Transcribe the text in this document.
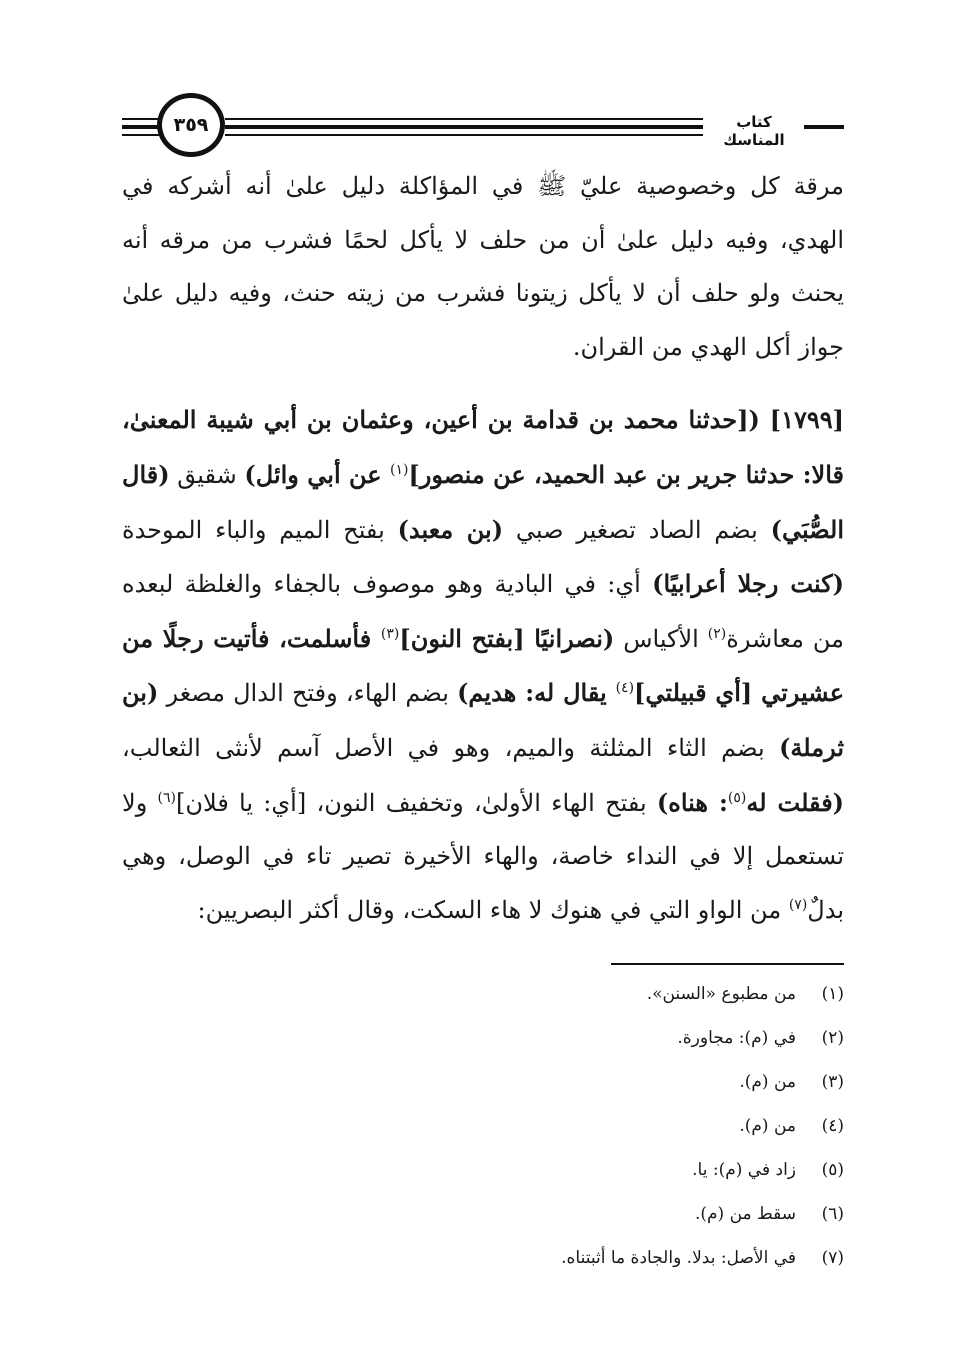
٣٥٩	كتاب المناسك

مرقة كل وخصوصية عليّ ﷺ في المؤاكلة دليل علىٰ أنه أشركه في الهدي، وفيه دليل علىٰ أن من حلف لا يأكل لحمًا فشرب من مرقه أنه يحنث ولو حلف أن لا يأكل زيتونا فشرب من زيته حنث، وفيه دليل علىٰ جواز أكل الهدي من القران.

[١٧٩٩] ([حدثنا محمد بن قدامة بن أعين، وعثمان بن أبي شيبة المعنىٰ، قالا: حدثنا جرير بن عبد الحميد، عن منصور]$^{(١)}$ عن أبي وائل) شقيق (قال الصُّبَي) بضم الصاد تصغير صبي (بن معبد) بفتح الميم والباء الموحدة (كنت رجلا أعرابيًا) أي: في البادية وهو موصوف بالجفاء والغلظة لبعده من معاشرة$^{(٢)}$ الأكياس (نصرانيًا [بفتح النون]$^{(٣)}$ فأسلمت، فأتيت رجلًا من عشيرتي [أي قبيلتي]$^{(٤)}$ يقال له: هديم) بضم الهاء، وفتح الدال مصغر (بن ثرملة) بضم الثاء المثلثة والميم، وهو في الأصل آسم لأنثى الثعالب، (فقلت له$^{(٥)}$: هناه) بفتح الهاء الأولىٰ، وتخفيف النون، [أي: يا فلان]$^{(٦)}$ ولا تستعمل إلا في النداء خاصة، والهاء الأخيرة تصير تاء في الوصل، وهي بدلٌ$^{(٧)}$ من الواو التي في هنوك لا هاء السكت، وقال أكثر البصريين:

(١)من مطبوع «السنن».
(٢)في (م): مجاورة.
(٣)من (م).
(٤)من (م).
(٥)زاد في (م): يا.
(٦)سقط من (م).
(٧)في الأصل: بدلا. والجادة ما أثبتناه.
